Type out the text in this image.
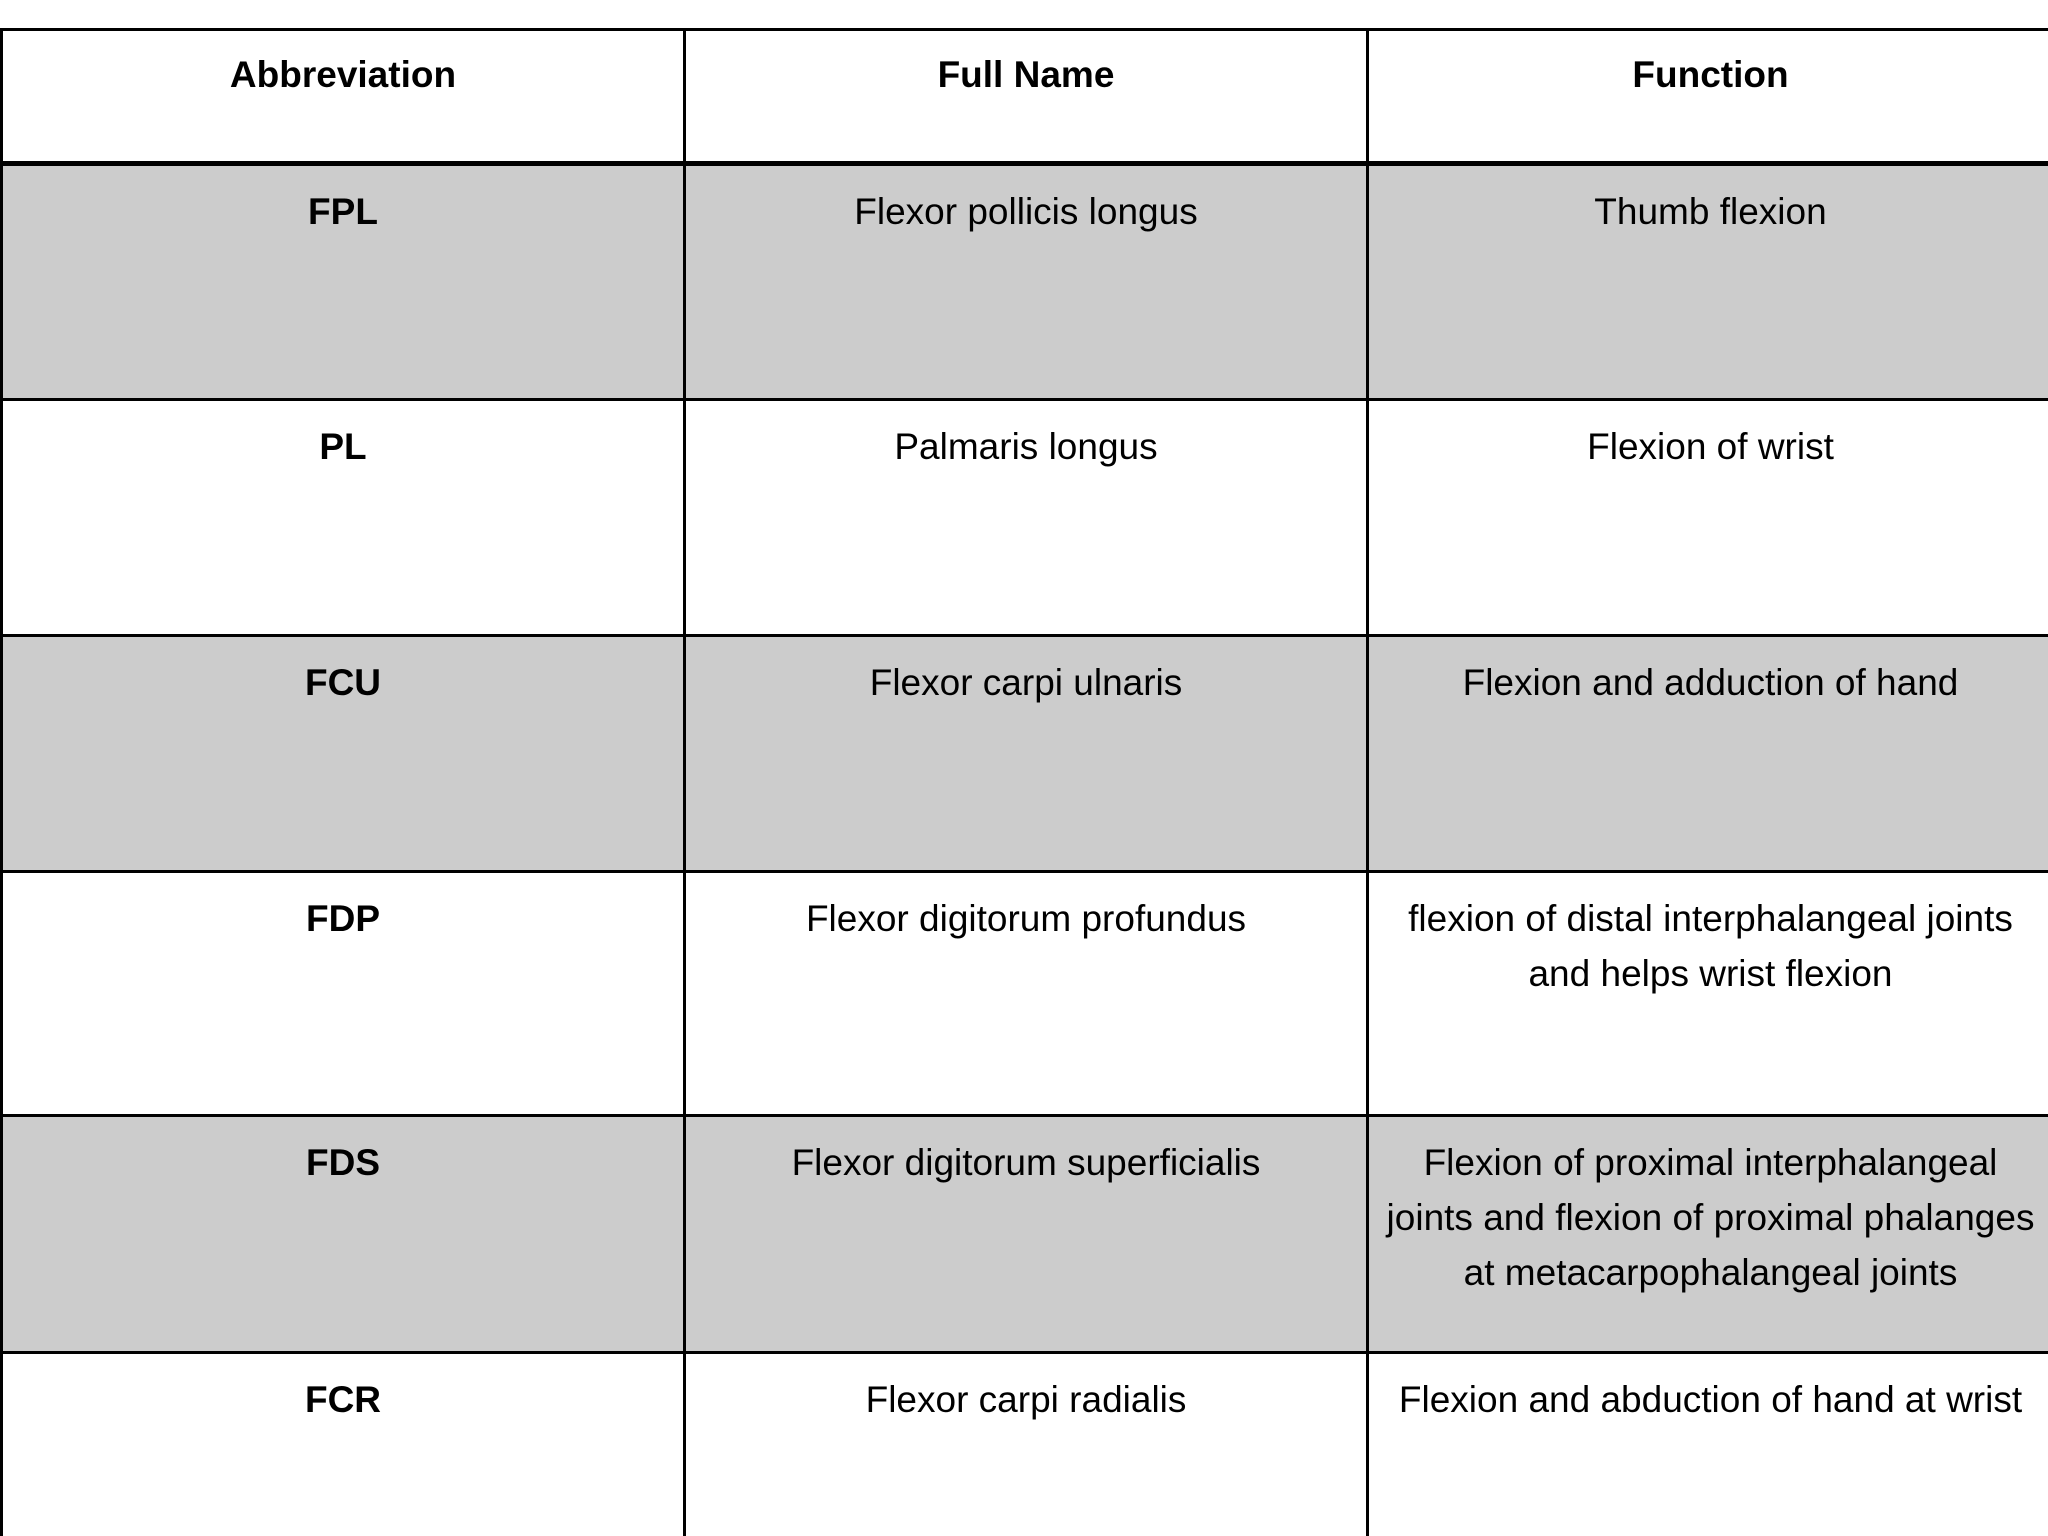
Abbreviation	Full Name	Function
FPL	Flexor pollicis longus	Thumb flexion
PL	Palmaris longus	Flexion of wrist
FCU	Flexor carpi ulnaris	Flexion and adduction of hand
FDP	Flexor digitorum profundus	flexion of distal interphalangeal joints and helps wrist flexion
FDS	Flexor digitorum superficialis	Flexion of proximal interphalangeal joints and flexion of proximal phalanges at metacarpophalangeal joints
FCR	Flexor carpi radialis	Flexion and abduction of hand at wrist
